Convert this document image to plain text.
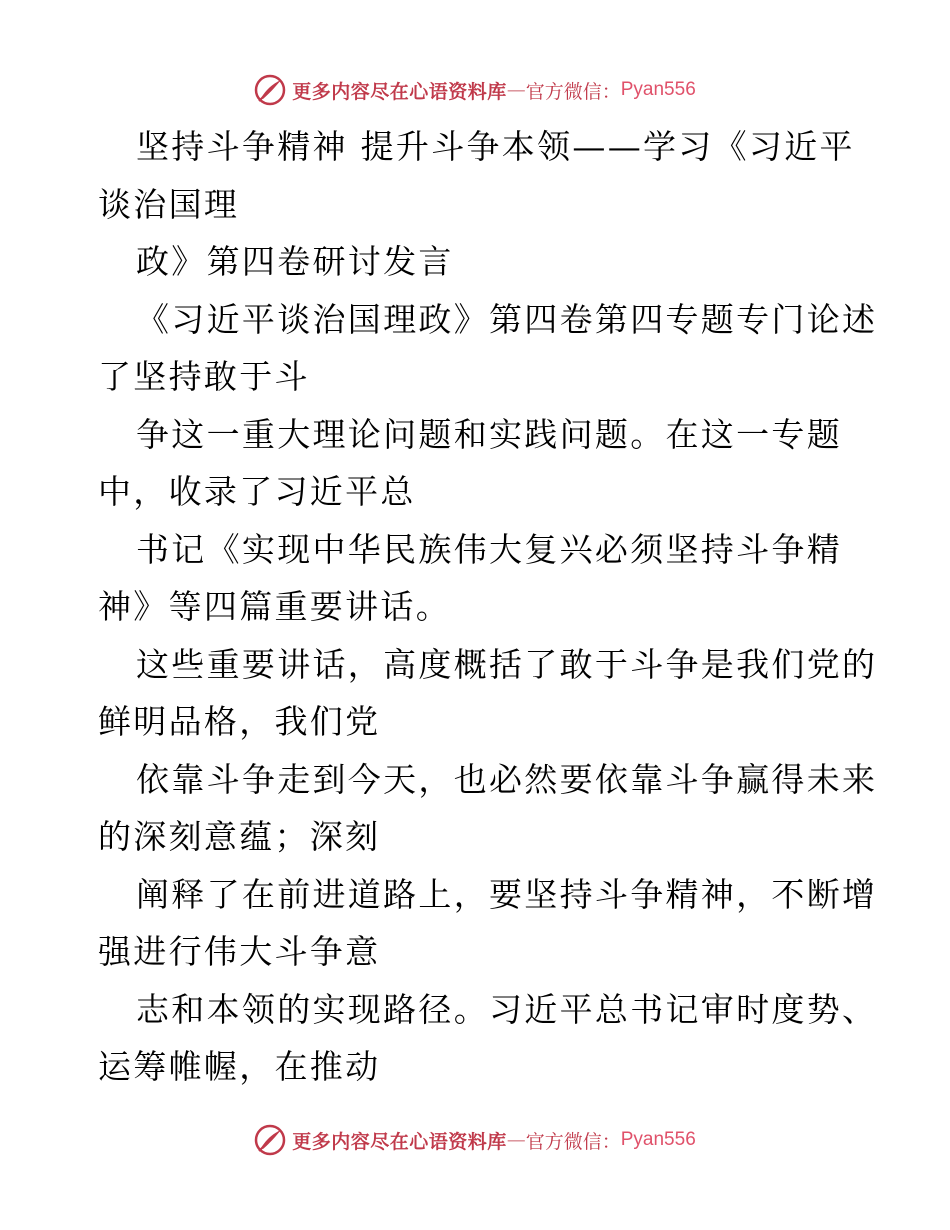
更多内容尽在心语资料库 — 官方微信： Pyan556
坚持斗争精神 提升斗争本领——学习《习近平
谈治国理
政》第四卷研讨发言
《习近平谈治国理政》第四卷第四专题专门论述
了坚持敢于斗
争这一重大理论问题和实践问题。在这一专题
中，收录了习近平总
书记《实现中华民族伟大复兴必须坚持斗争精
神》等四篇重要讲话。
这些重要讲话，高度概括了敢于斗争是我们党的
鲜明品格，我们党
依靠斗争走到今天，也必然要依靠斗争赢得未来
的深刻意蕴；深刻
阐释了在前进道路上，要坚持斗争精神，不断增
强进行伟大斗争意
志和本领的实现路径。习近平总书记审时度势、
运筹帷幄，在推动
更多内容尽在心语资料库 — 官方微信： Pyan556
